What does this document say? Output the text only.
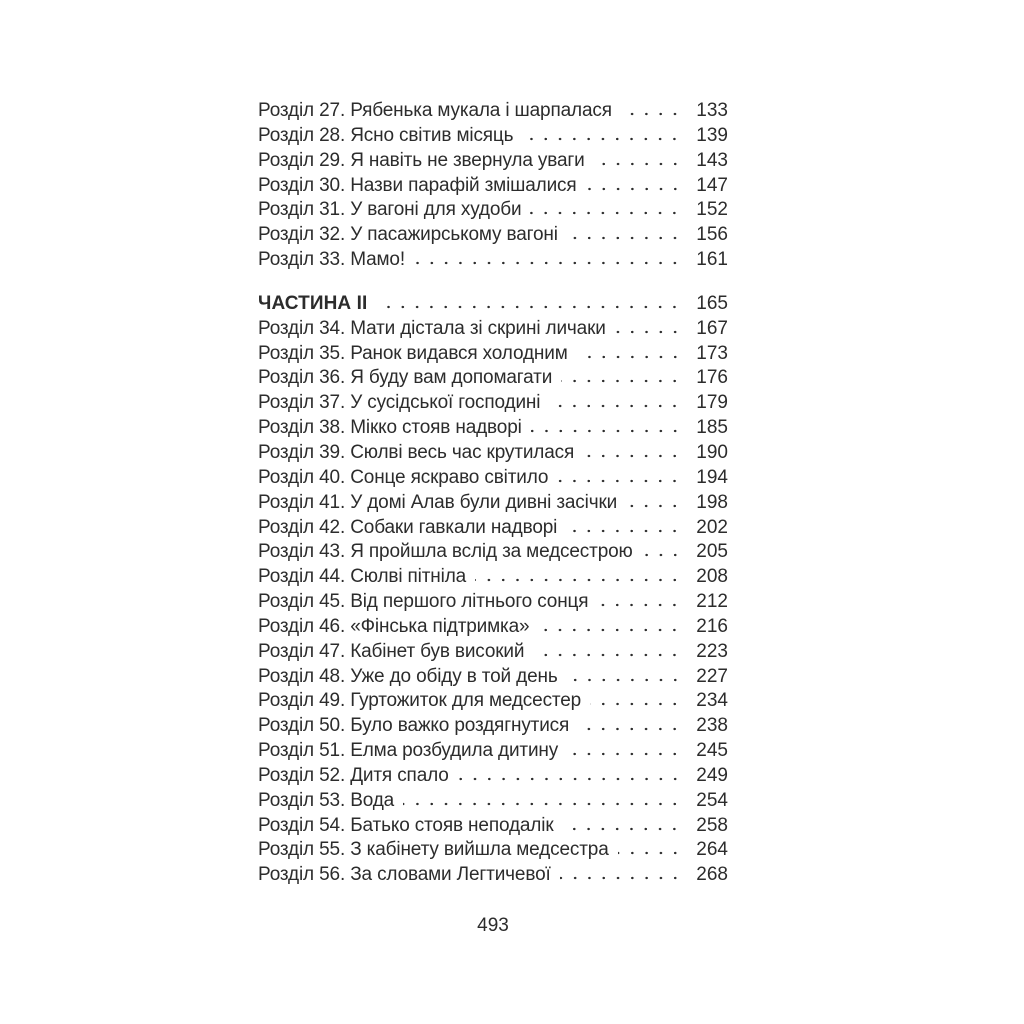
Розділ 27. Рябенька мукала і шарпалася	133
Розділ 28. Ясно світив місяць	139
Розділ 29. Я навіть не звернула уваги	143
Розділ 30. Назви парафій змішалися	147
Розділ 31. У вагоні для худоби	152
Розділ 32. У пасажирському вагоні	156
Розділ 33. Мамо!	161
ЧАСТИНА II	165
Розділ 34. Мати дістала зі скрині личаки	167
Розділ 35. Ранок видався холодним	173
Розділ 36. Я буду вам допомагати	176
Розділ 37. У сусідської господині	179
Розділ 38. Мікко стояв надворі	185
Розділ 39. Сюлві весь час крутилася	190
Розділ 40. Сонце яскраво світило	194
Розділ 41. У домі Алав були дивні засічки	198
Розділ 42. Собаки гавкали надворі	202
Розділ 43. Я пройшла вслід за медсестрою	205
Розділ 44. Сюлві пітніла	208
Розділ 45. Від першого літнього сонця	212
Розділ 46. «Фінська підтримка»	216
Розділ 47. Кабінет був високий	223
Розділ 48. Уже до обіду в той день	227
Розділ 49. Гуртожиток для медсестер	234
Розділ 50. Було важко роздягнутися	238
Розділ 51. Елма розбудила дитину	245
Розділ 52. Дитя спало	249
Розділ 53. Вода	254
Розділ 54. Батько стояв неподалік	258
Розділ 55. З кабінету вийшла медсестра	264
Розділ 56. За словами Легтичевої	268
493
